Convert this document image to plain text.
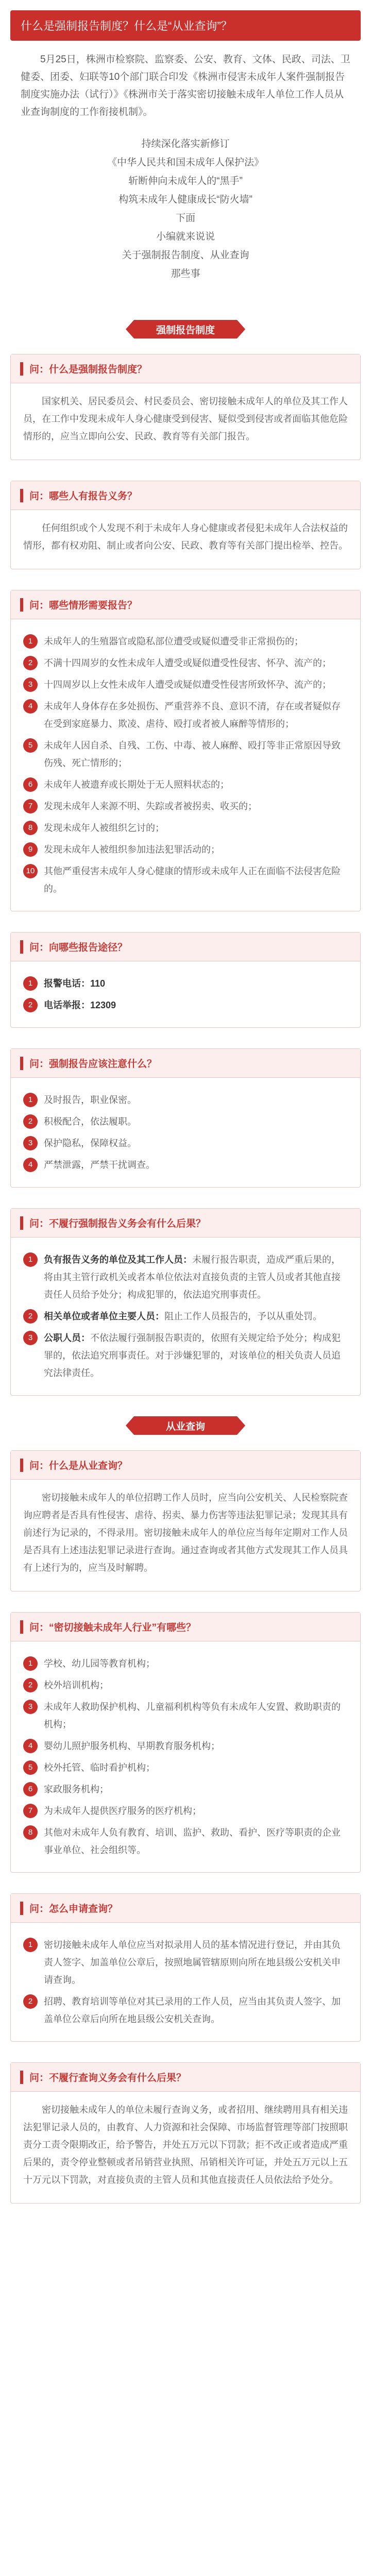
什么是强制报告制度？什么是“从业查询”？

5月25日，株洲市检察院、监察委、公安、教育、文体、民政、司法、卫健委、团委、妇联等10个部门联合印发《株洲市侵害未成年人案件强制报告制度实施办法（试行）》《株洲市关于落实密切接触未成年人单位工作人员从业查询制度的工作衔接机制》。

持续深化落实新修订
《中华人民共和国未成年人保护法》
斩断伸向未成年人的“黑手”
构筑未成年人健康成长“防火墙”
下面
小编就来说说
关于强制报告制度、从业查询
那些事
强制报告制度
问：什么是强制报告制度？

国家机关、居民委员会、村民委员会、密切接触未成年人的单位及其工作人员，在工作中发现未成年人身心健康受到侵害、疑似受到侵害或者面临其他危险情形的，应当立即向公安、民政、教育等有关部门报告。

问：哪些人有报告义务？

任何组织或个人发现不利于未成年人身心健康或者侵犯未成年人合法权益的情形，都有权劝阻、制止或者向公安、民政、教育等有关部门提出检举、控告。

问：哪些情形需要报告？
1	未成年人的生殖器官或隐私部位遭受或疑似遭受非正常损伤的；
2	不满十四周岁的女性未成年人遭受或疑似遭受性侵害、怀孕、流产的；
3	十四周岁以上女性未成年人遭受或疑似遭受性侵害所致怀孕、流产的；
4	未成年人身体存在多处损伤、严重营养不良、意识不清，存在或者疑似存在受到家庭暴力、欺凌、虐待、殴打或者被人麻醉等情形的；
5	未成年人因自杀、自残、工伤、中毒、被人麻醉、殴打等非正常原因导致伤残、死亡情形的；
6	未成年人被遗弃或长期处于无人照料状态的；
7	发现未成年人来源不明、失踪或者被拐卖、收买的；
8	发现未成年人被组织乞讨的；
9	发现未成年人被组织参加违法犯罪活动的；
10 其他严重侵害未成年人身心健康的情形或未成年人正在面临不法侵害危险的。
问：向哪些报告途径？
1	报警电话：110
2	电话举报：12309
问：强制报告应该注意什么？
1	及时报告，职业保密。
2	积极配合，依法履职。
3	保护隐私，保障权益。
4	严禁泄露，严禁干扰调查。
问：不履行强制报告义务会有什么后果？
1	负有报告义务的单位及其工作人员：未履行报告职责，造成严重后果的，将由其主管行政机关或者本单位依法对直接负责的主管人员或者其他直接责任人员给予处分；构成犯罪的，依法追究刑事责任。
2	相关单位或者单位主要人员：阻止工作人员报告的，予以从重处罚。
3	公职人员：不依法履行强制报告职责的，依照有关规定给予处分；构成犯罪的，依法追究刑事责任。对于涉嫌犯罪的，对该单位的相关负责人员追究法律责任。
从业查询
问：什么是从业查询？

密切接触未成年人的单位招聘工作人员时，应当向公安机关、人民检察院查询应聘者是否具有性侵害、虐待、拐卖、暴力伤害等违法犯罪记录；发现其具有前述行为记录的，不得录用。密切接触未成年人的单位应当每年定期对工作人员是否具有上述违法犯罪记录进行查询。通过查询或者其他方式发现其工作人员具有上述行为的，应当及时解聘。

问：“密切接触未成年人行业”有哪些？
1	学校、幼儿园等教育机构；
2	校外培训机构；
3	未成年人救助保护机构、儿童福利机构等负有未成年人安置、救助职责的机构；
4	婴幼儿照护服务机构、早期教育服务机构；
5	校外托管、临时看护机构；
6	家政服务机构；
7	为未成年人提供医疗服务的医疗机构；
8	其他对未成年人负有教育、培训、监护、救助、看护、医疗等职责的企业事业单位、社会组织等。
问：怎么申请查询？
1	密切接触未成年人单位应当对拟录用人员的基本情况进行登记，并由其负责人签字、加盖单位公章后，按照地属管辖原则向所在地县级公安机关申请查询。
2	招聘、教育培训等单位对其已录用的工作人员，应当由其负责人签字、加盖单位公章后向所在地县级公安机关查询。
问：不履行查询义务会有什么后果？

密切接触未成年人的单位未履行查询义务，或者招用、继续聘用具有相关违法犯罪记录人员的，由教育、人力资源和社会保障、市场监督管理等部门按照职责分工责令限期改正，给予警告，并处五万元以下罚款；拒不改正或者造成严重后果的，责令停业整顿或者吊销营业执照、吊销相关许可证，并处五万元以上五十万元以下罚款，对直接负责的主管人员和其他直接责任人员依法给予处分。
